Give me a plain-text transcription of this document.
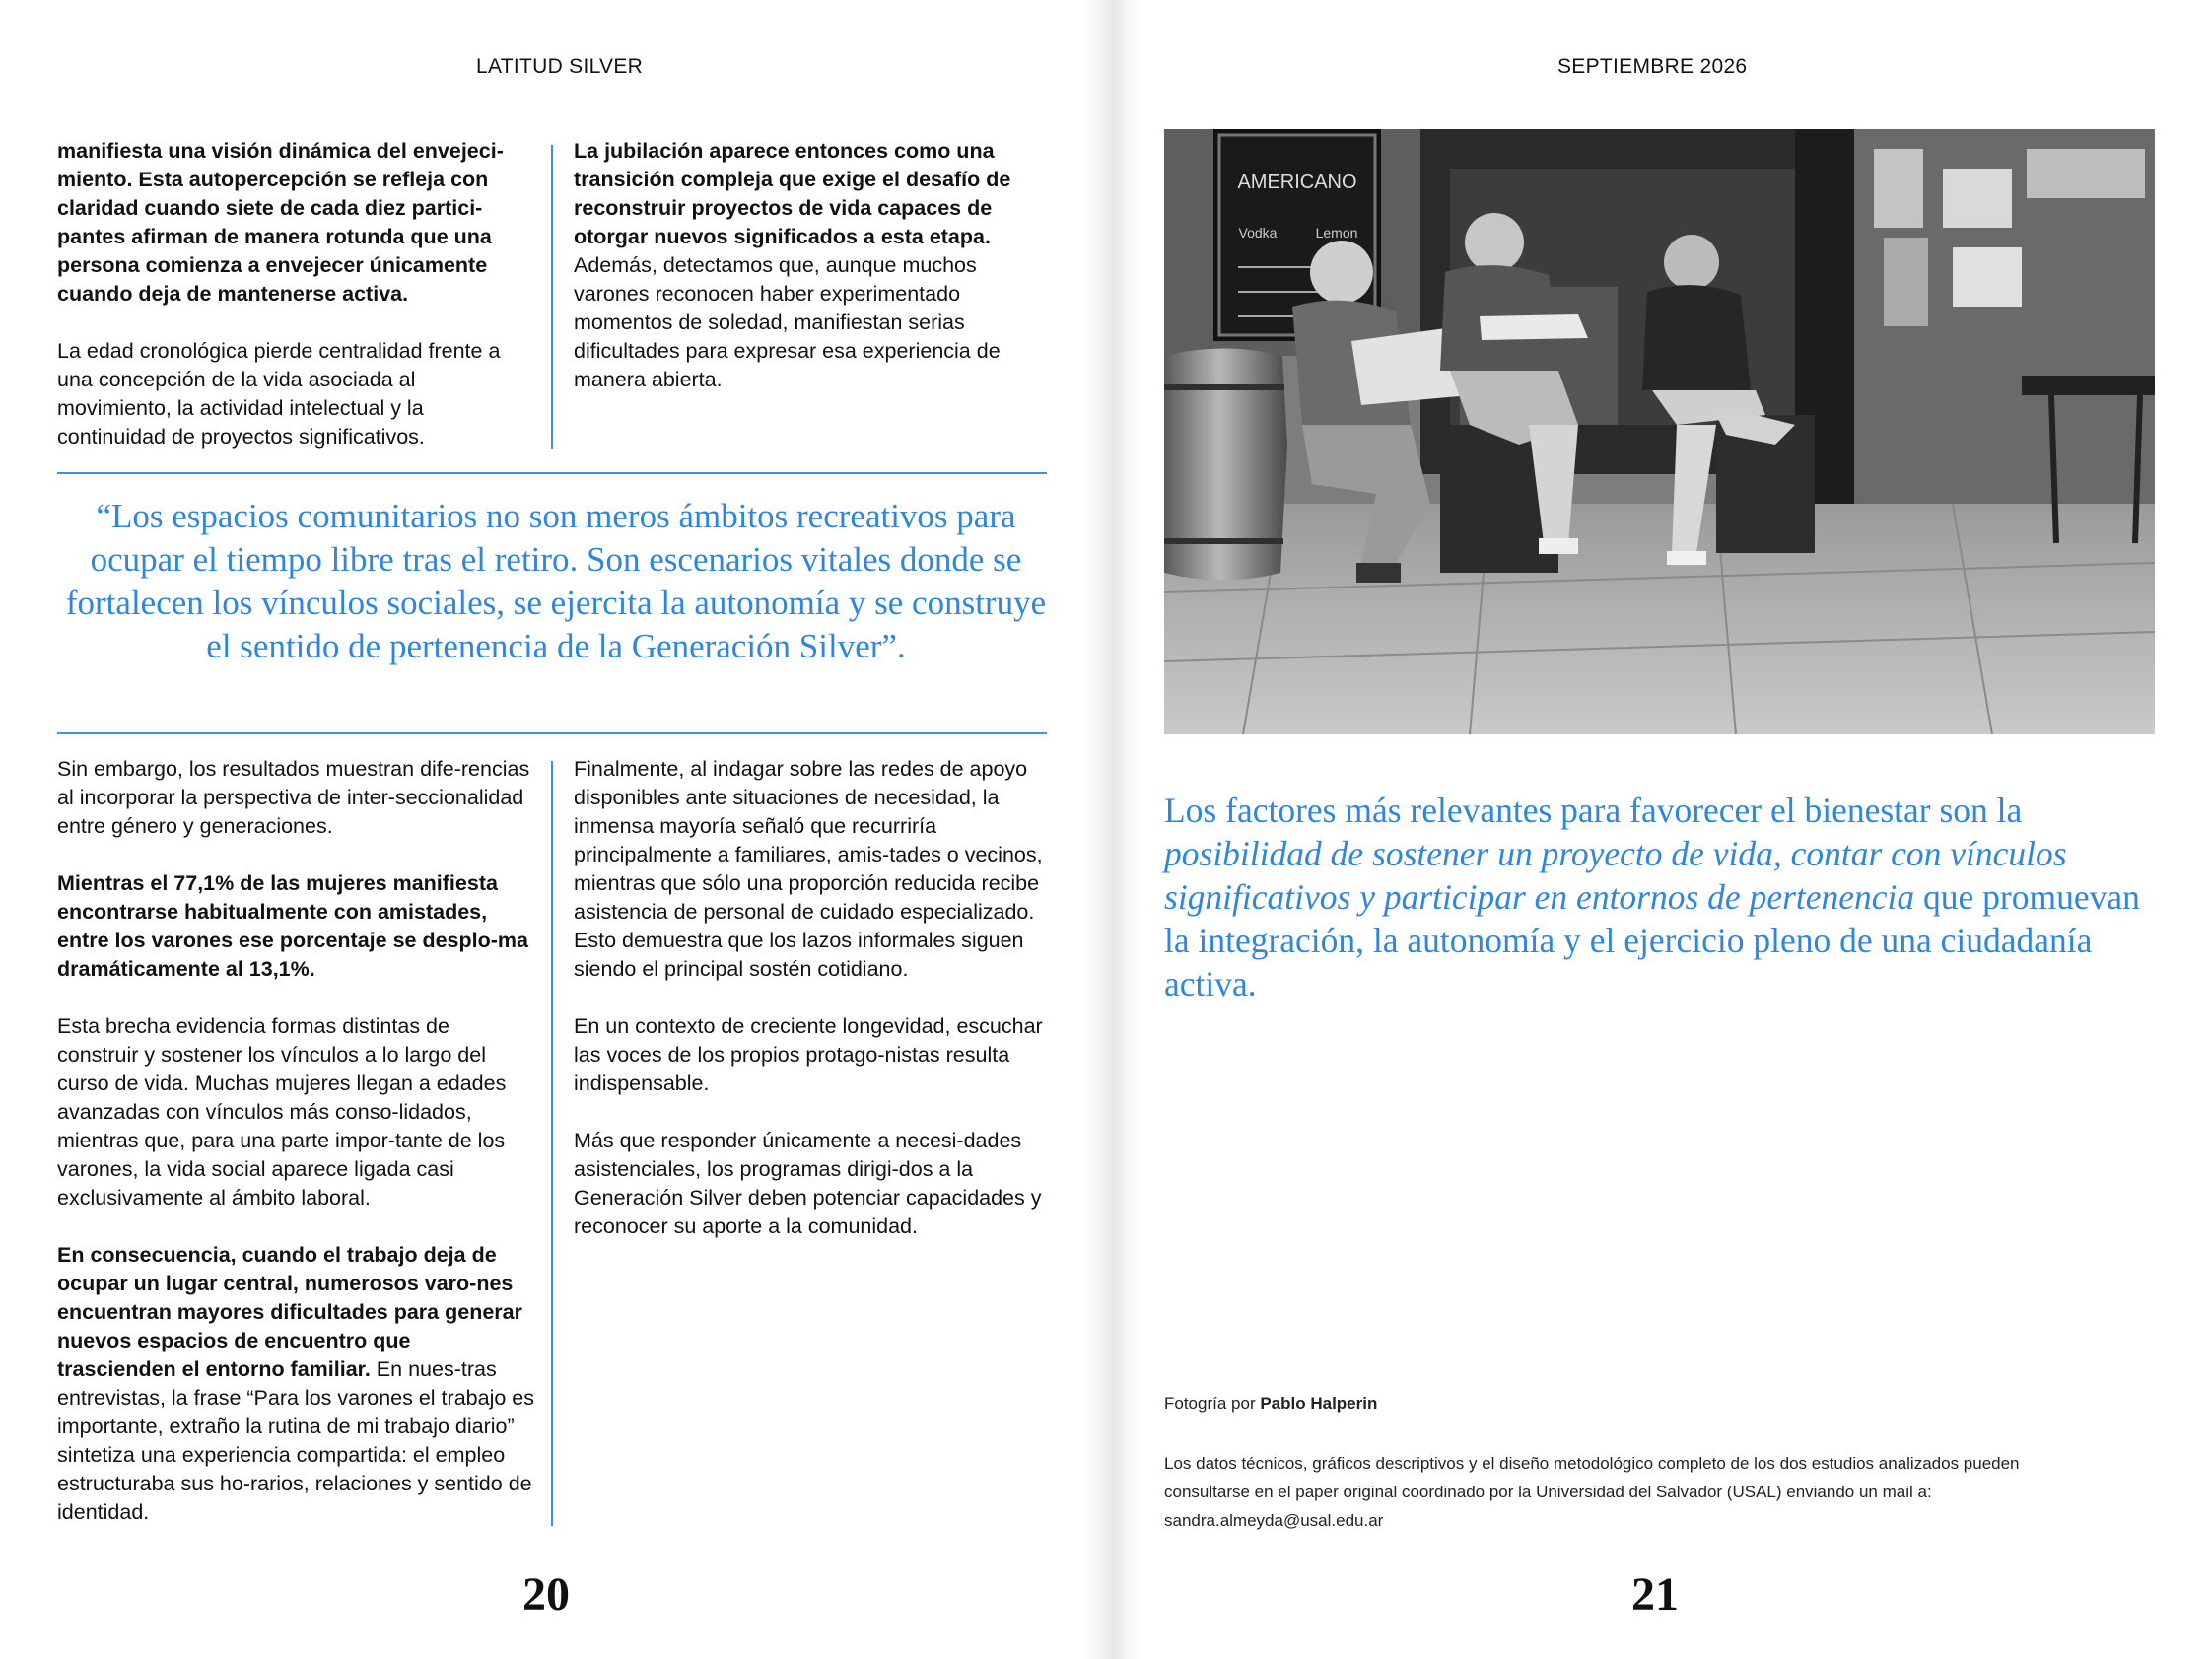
LATITUD SILVER

manifiesta una visión dinámica del envejeci-miento. Esta autopercepción se refleja con claridad cuando siete de cada diez partici-pantes afirman de manera rotunda que una persona comienza a envejecer únicamente cuando deja de mantenerse activa.

La edad cronológica pierde centralidad frente a una concepción de la vida asociada al movimiento, la actividad intelectual y la continuidad de proyectos significativos.

La jubilación aparece entonces como una transición compleja que exige el desafío de reconstruir proyectos de vida capaces de otorgar nuevos significados a esta etapa. Además, detectamos que, aunque muchos varones reconocen haber experimentado momentos de soledad, manifiestan serias dificultades para expresar esa experiencia de manera abierta.

“Los espacios comunitarios no son meros ámbitos recreativos para ocupar el tiempo libre tras el retiro. Son escenarios vitales donde se fortalecen los vínculos sociales, se ejercita la autonomía y se construye el sentido de pertenencia de la Generación Silver”.

Sin embargo, los resultados muestran dife-rencias al incorporar la perspectiva de inter-seccionalidad entre género y generaciones.

Mientras el 77,1% de las mujeres manifiesta encontrarse habitualmente con amistades, entre los varones ese porcentaje se desplo-ma dramáticamente al 13,1%.

Esta brecha evidencia formas distintas de construir y sostener los vínculos a lo largo del curso de vida. Muchas mujeres llegan a edades avanzadas con vínculos más conso-lidados, mientras que, para una parte impor-tante de los varones, la vida social aparece ligada casi exclusivamente al ámbito laboral.

En consecuencia, cuando el trabajo deja de ocupar un lugar central, numerosos varo-nes encuentran mayores dificultades para generar nuevos espacios de encuentro que trascienden el entorno familiar. En nues-tras entrevistas, la frase “Para los varones el trabajo es importante, extraño la rutina de mi trabajo diario” sintetiza una experiencia compartida: el empleo estructuraba sus ho-rarios, relaciones y sentido de identidad.

Finalmente, al indagar sobre las redes de apoyo disponibles ante situaciones de necesidad, la inmensa mayoría señaló que recurriría principalmente a familiares, amis-tades o vecinos, mientras que sólo una proporción reducida recibe asistencia de personal de cuidado especializado. Esto demuestra que los lazos informales siguen siendo el principal sostén cotidiano.

En un contexto de creciente longevidad, escuchar las voces de los propios protago-nistas resulta indispensable.

Más que responder únicamente a necesi-dades asistenciales, los programas dirigi-dos a la Generación Silver deben potenciar capacidades y reconocer su aporte a la comunidad.

20
SEPTIEMBRE 2026
AMERICANO
Vodka	Lemon
Los factores más relevantes para favorecer el bienestar son la posibilidad de sostener un proyecto de vida, contar con vínculos significativos y participar en entornos de pertenencia que promuevan la integración, la autonomía y el ejercicio pleno de una ciudadanía activa.
Fotogría por Pablo Halperin
Los datos técnicos, gráficos descriptivos y el diseño metodológico completo de los dos estudios analizados pueden consultarse en el paper original coordinado por la Universidad del Salvador (USAL) enviando un mail a: sandra.almeyda@usal.edu.ar
21
